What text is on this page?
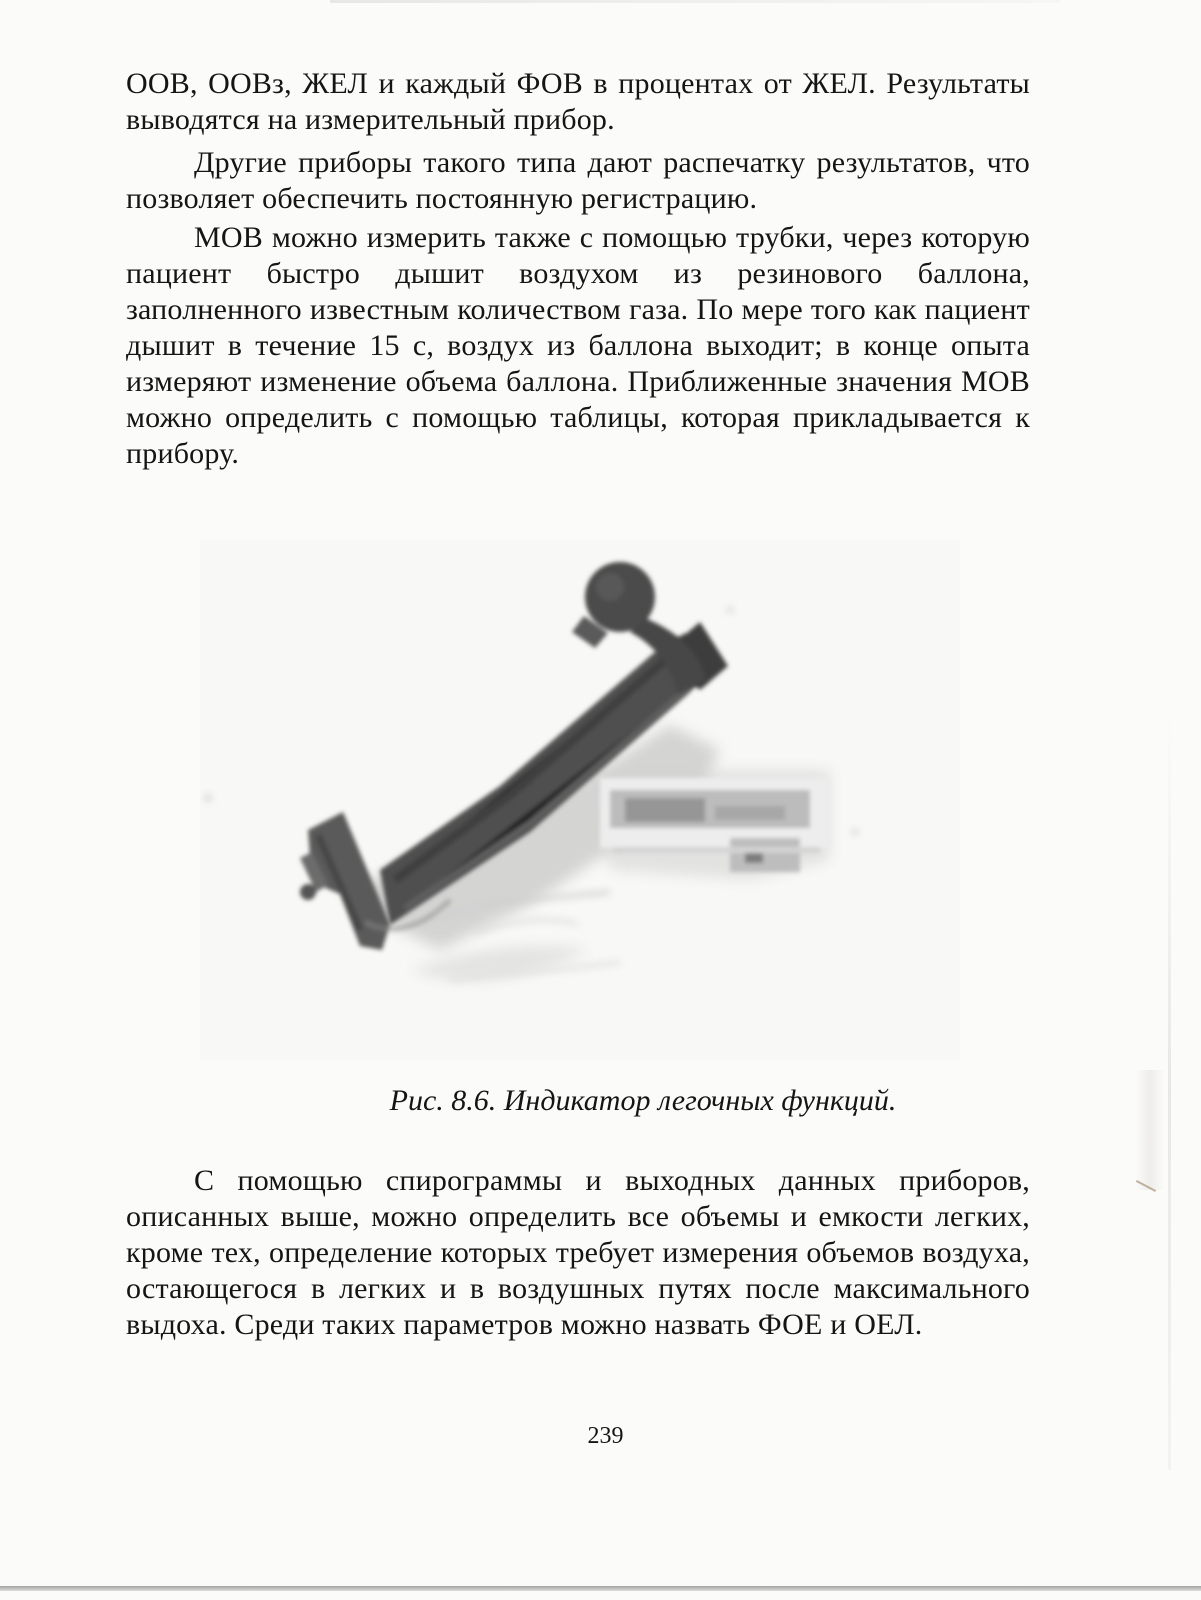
ООВ, ООВз, ЖЕЛ и каждый ФОВ в процентах от ЖЕЛ. Результаты выводятся на измерительный прибор.

Другие приборы такого типа дают распечатку результатов, что позволяет обеспечить постоянную регистрацию.

МОВ можно измерить также с помощью трубки, через которую пациент быстро дышит воздухом из резинового баллона, заполненного известным количеством газа. По мере того как пациент дышит в течение 15 с, воздух из баллона выходит; в конце опыта измеряют изменение объема баллона. Приближенные значения МОВ можно определить с помощью таблицы, которая прикладывается к прибору.

Рис. 8.6. Индикатор легочных функций.

С помощью спирограммы и выходных данных приборов, описанных выше, можно определить все объемы и емкости легких, кроме тех, определение которых требует измерения объемов воздуха, остающегося в легких и в воздушных путях после максимального выдоха. Среди таких параметров можно назвать ФОЕ и ОЕЛ.

239
